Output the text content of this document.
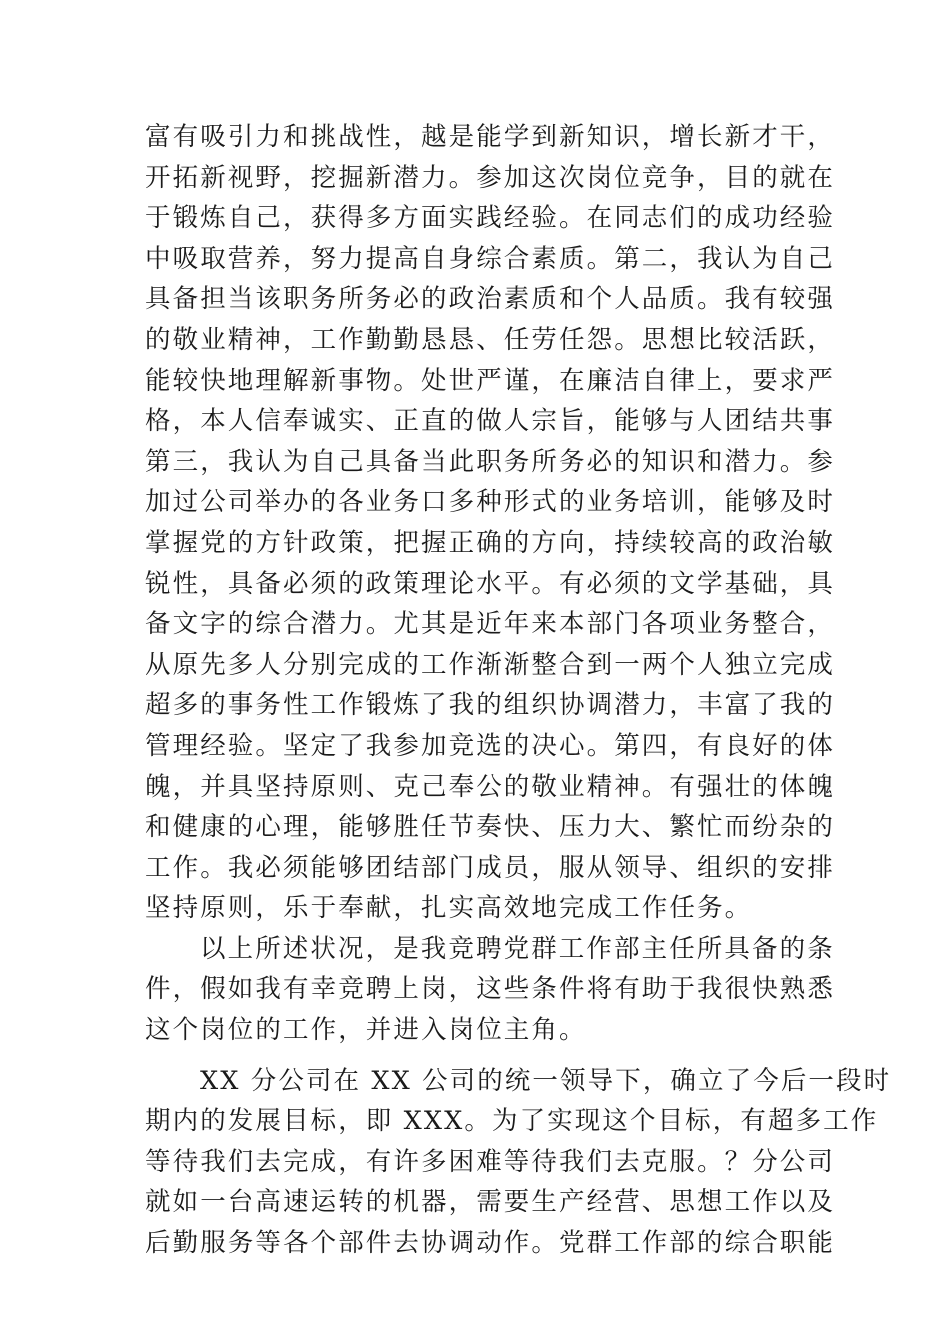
富有吸引力和挑战性，越是能学到新知识，增长新才干，
开拓新视野，挖掘新潜力。参加这次岗位竞争，目的就在
于锻炼自己，获得多方面实践经验。在同志们的成功经验
中吸取营养，努力提高自身综合素质。第二，我认为自己
具备担当该职务所务必的政治素质和个人品质。我有较强
的敬业精神，工作勤勤恳恳、任劳任怨。思想比较活跃，
能较快地理解新事物。处世严谨，在廉洁自律上，要求严
格，本人信奉诚实、正直的做人宗旨，能够与人团结共事
第三，我认为自己具备当此职务所务必的知识和潜力。参
加过公司举办的各业务口多种形式的业务培训，能够及时
掌握党的方针政策，把握正确的方向，持续较高的政治敏
锐性，具备必须的政策理论水平。有必须的文学基础，具
备文字的综合潜力。尤其是近年来本部门各项业务整合，
从原先多人分别完成的工作渐渐整合到一两个人独立完成
超多的事务性工作锻炼了我的组织协调潜力，丰富了我的
管理经验。坚定了我参加竞选的决心。第四，有良好的体
魄，并具坚持原则、克己奉公的敬业精神。有强壮的体魄
和健康的心理，能够胜任节奏快、压力大、繁忙而纷杂的
工作。我必须能够团结部门成员，服从领导、组织的安排
坚持原则，乐于奉献，扎实高效地完成工作任务。
以上所述状况，是我竞聘党群工作部主任所具备的条
件，假如我有幸竞聘上岗，这些条件将有助于我很快熟悉
这个岗位的工作，并进入岗位主角。
XX 分公司在 XX 公司的统一领导下，确立了今后一段时
期内的发展目标，即 XXX。为了实现这个目标，有超多工作
等待我们去完成，有许多困难等待我们去克服。？分公司
就如一台高速运转的机器，需要生产经营、思想工作以及
后勤服务等各个部件去协调动作。党群工作部的综合职能
